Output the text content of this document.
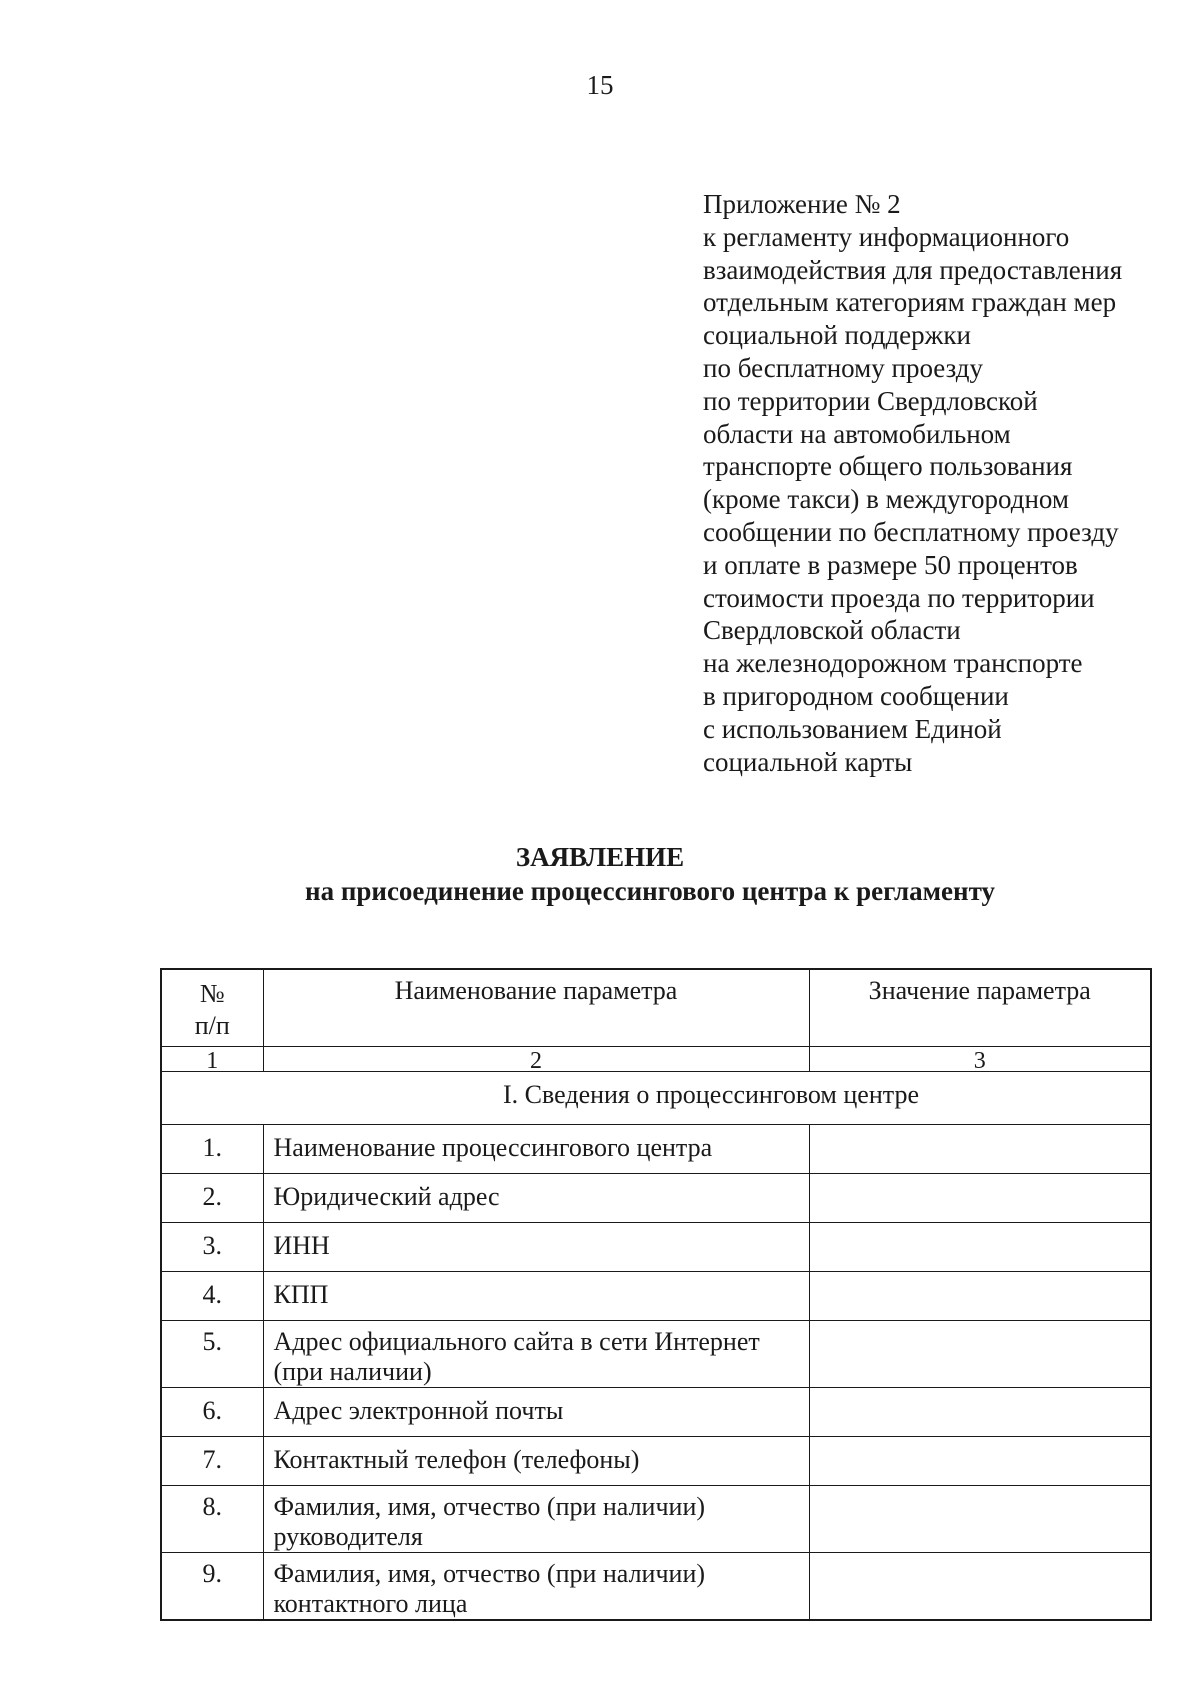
15
Приложение № 2
к регламенту информационного
взаимодействия для предоставления
отдельным категориям граждан мер
социальной поддержки
по бесплатному проезду
по территории Свердловской
области на автомобильном
транспорте общего пользования
(кроме такси) в междугородном
сообщении по бесплатному проезду
и оплате в размере 50 процентов
стоимости проезда по территории
Свердловской области
на железнодорожном транспорте
в пригородном сообщении
с использованием Единой
социальной карты
ЗАЯВЛЕНИЕ
на присоединение процессингового центра к регламенту
№
п/п	Наименование параметра	Значение параметра
1	2	3
I. Сведения о процессинговом центре		
1.	Наименование процессингового центра	
2.	Юридический адрес	
3.	ИНН	
4.	КПП	
5.	Адрес официального сайта в сети Интернет (при наличии)	
6.	Адрес электронной почты	
7.	Контактный телефон (телефоны)	
8.	Фамилия, имя, отчество (при наличии) руководителя	
9.	Фамилия, имя, отчество (при наличии) контактного лица	
